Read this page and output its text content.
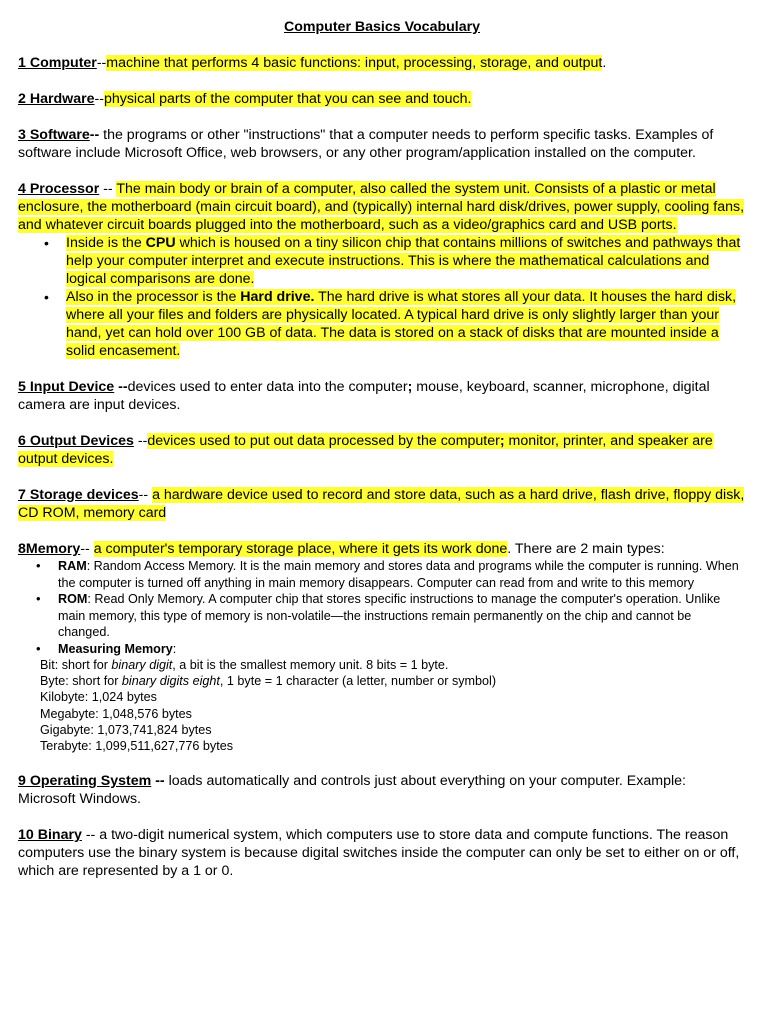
Computer Basics Vocabulary
1 Computer--machine that performs 4 basic functions: input, processing, storage, and output.
2 Hardware--physical parts of the computer that you can see and touch.
3 Software-- the programs or other "instructions" that a computer needs to perform specific tasks. Examples of software include Microsoft Office, web browsers, or any other program/application installed on the computer.
4 Processor -- The main body or brain of a computer, also called the system unit. Consists of a plastic or metal enclosure, the motherboard (main circuit board), and (typically) internal hard disk/drives, power supply, cooling fans, and whatever circuit boards plugged into the motherboard, such as a video/graphics card and USB ports.
• Inside is the CPU which is housed on a tiny silicon chip that contains millions of switches and pathways that help your computer interpret and execute instructions. This is where the mathematical calculations and logical comparisons are done.
• Also in the processor is the Hard drive. The hard drive is what stores all your data. It houses the hard disk, where all your files and folders are physically located. A typical hard drive is only slightly larger than your hand, yet can hold over 100 GB of data. The data is stored on a stack of disks that are mounted inside a solid encasement.
5 Input Device --devices used to enter data into the computer; mouse, keyboard, scanner, microphone, digital camera are input devices.
6 Output Devices --devices used to put out data processed by the computer; monitor, printer, and speaker are output devices.
7 Storage devices-- a hardware device used to record and store data, such as a hard drive, flash drive, floppy disk, CD ROM, memory card
8Memory-- a computer's temporary storage place, where it gets its work done. There are 2 main types:
• RAM: Random Access Memory. It is the main memory and stores data and programs while the computer is running. When the computer is turned off anything in main memory disappears. Computer can read from and write to this memory
• ROM: Read Only Memory. A computer chip that stores specific instructions to manage the computer's operation. Unlike main memory, this type of memory is non-volatile—the instructions remain permanently on the chip and cannot be changed.
• Measuring Memory:
Bit: short for binary digit, a bit is the smallest memory unit. 8 bits = 1 byte.
Byte: short for binary digits eight, 1 byte = 1 character (a letter, number or symbol)
Kilobyte: 1,024 bytes
Megabyte: 1,048,576 bytes
Gigabyte: 1,073,741,824 bytes
Terabyte: 1,099,511,627,776 bytes
9 Operating System -- loads automatically and controls just about everything on your computer. Example: Microsoft Windows.
10 Binary -- a two-digit numerical system, which computers use to store data and compute functions. The reason computers use the binary system is because digital switches inside the computer can only be set to either on or off, which are represented by a 1 or 0.
